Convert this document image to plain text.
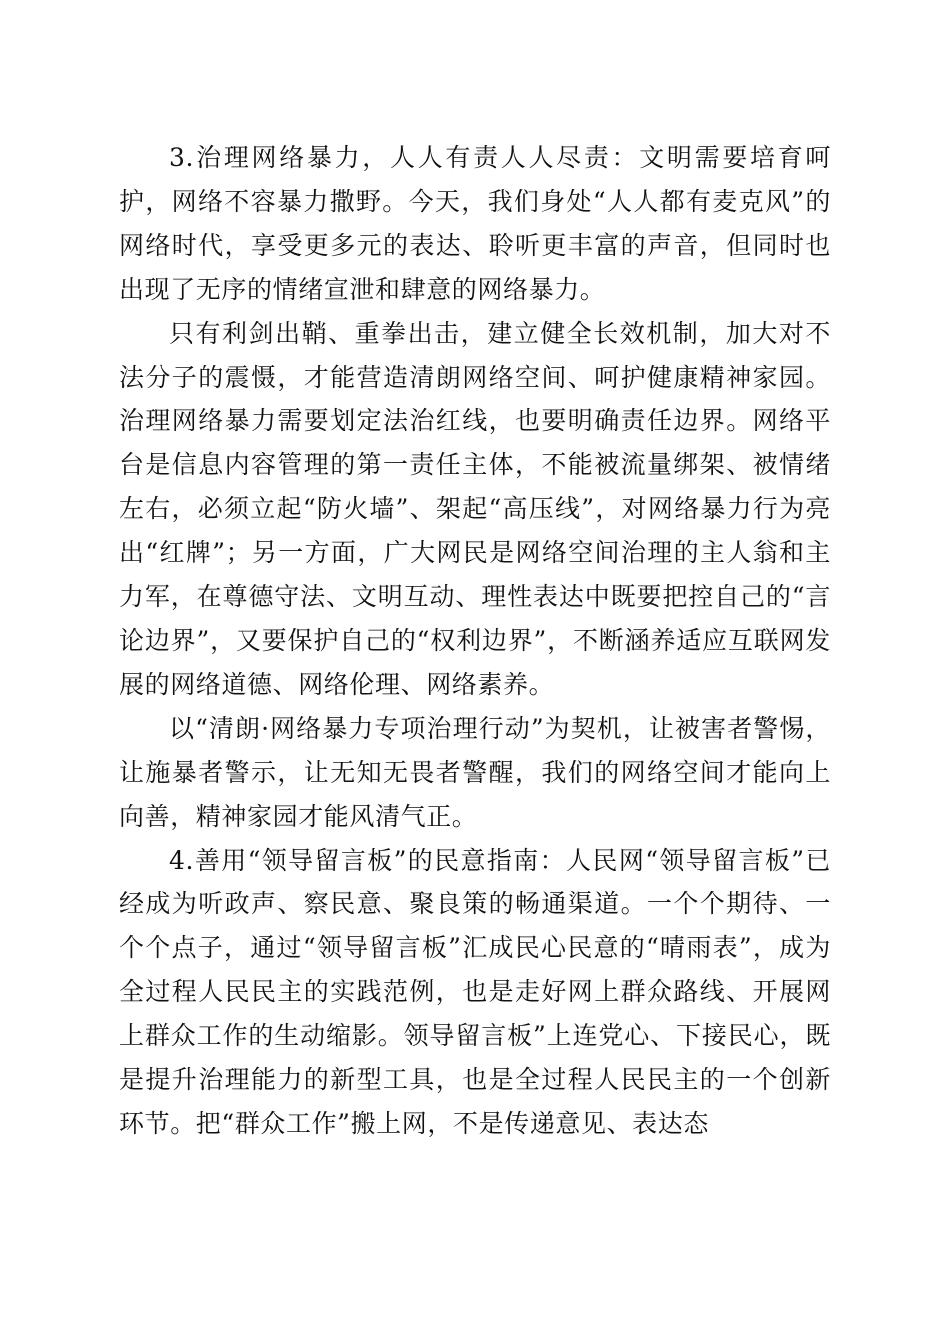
3.治理网络暴力，人人有责人人尽责：文明需要培育呵护，网络不容暴力撒野。今天，我们身处“人人都有麦克风”的网络时代，享受更多元的表达、聆听更丰富的声音，但同时也出现了无序的情绪宣泄和肆意的网络暴力。

只有利剑出鞘、重拳出击，建立健全长效机制，加大对不法分子的震慑，才能营造清朗网络空间、呵护健康精神家园。治理网络暴力需要划定法治红线，也要明确责任边界。网络平台是信息内容管理的第一责任主体，不能被流量绑架、被情绪左右，必须立起“防火墙”、架起“高压线”，对网络暴力行为亮出“红牌”；另一方面，广大网民是网络空间治理的主人翁和主力军，在尊德守法、文明互动、理性表达中既要把控自己的“言论边界”，又要保护自己的“权利边界”，不断涵养适应互联网发展的网络道德、网络伦理、网络素养。

以“清朗·网络暴力专项治理行动”为契机，让被害者警惕，让施暴者警示，让无知无畏者警醒，我们的网络空间才能向上向善，精神家园才能风清气正。

4.善用“领导留言板”的民意指南：人民网“领导留言板”已经成为听政声、察民意、聚良策的畅通渠道。一个个期待、一个个点子，通过“领导留言板”汇成民心民意的“晴雨表”，成为全过程人民民主的实践范例，也是走好网上群众路线、开展网上群众工作的生动缩影。领导留言板”上连党心、下接民心，既是提升治理能力的新型工具，也是全过程人民民主的一个创新环节。把“群众工作”搬上网，不是传递意见、表达态
